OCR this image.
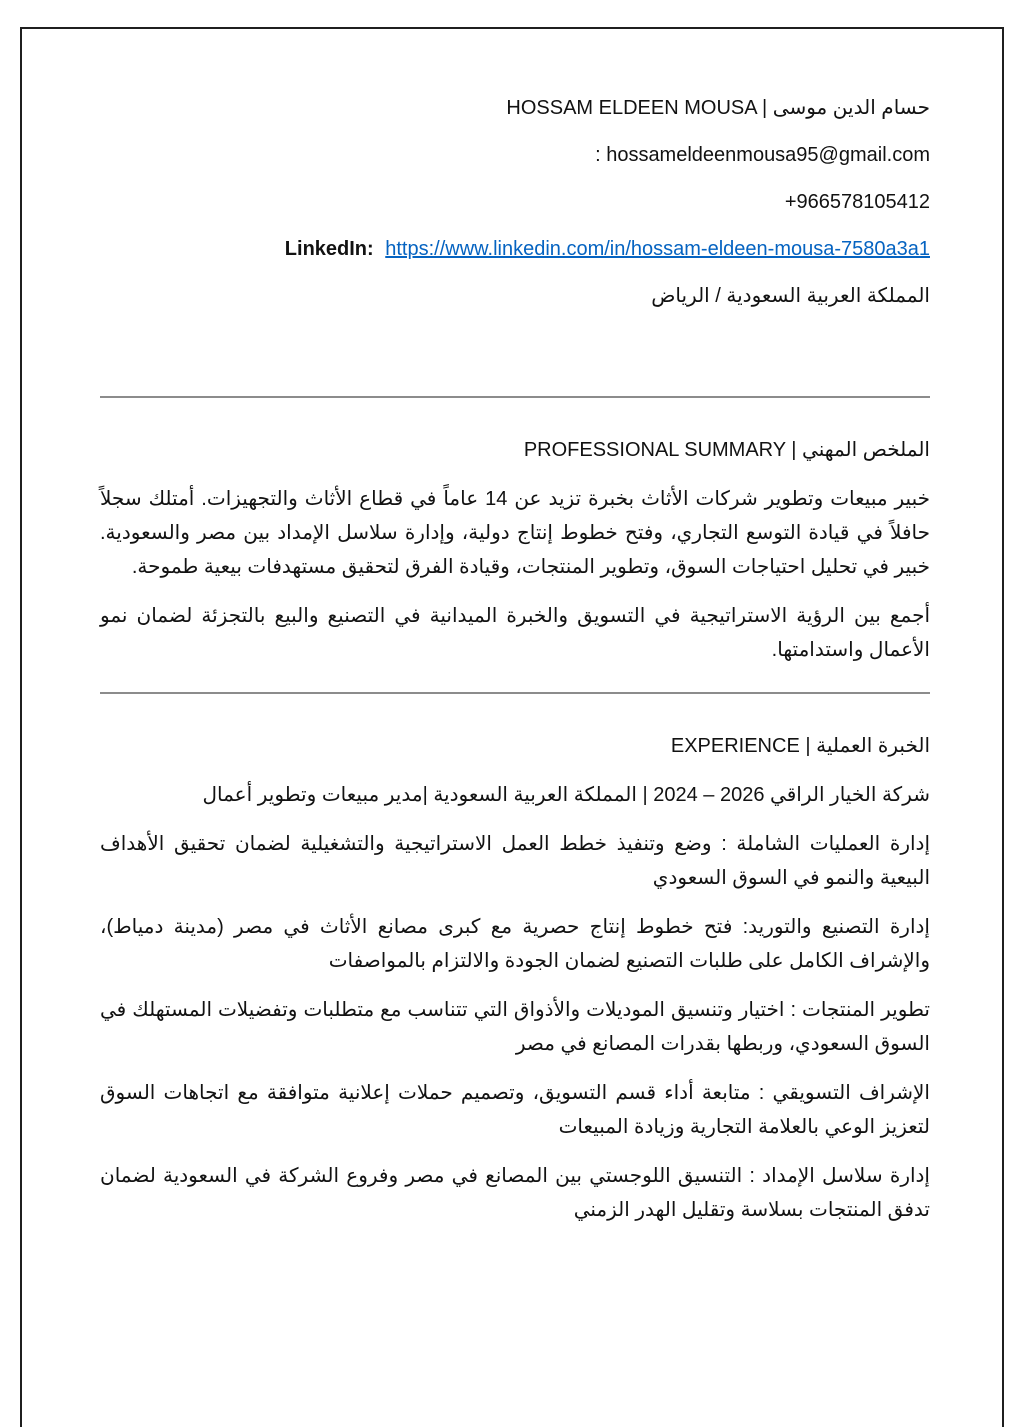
HOSSAM ELDEEN MOUSA | حسام الدين موسى

: hossameldeenmousa95@gmail.com

+966578105412

LinkedIn: https://www.linkedin.com/in/hossam-eldeen-mousa-7580a3a1

المملكة العربية السعودية / الرياض

PROFESSIONAL SUMMARY | الملخص المهني

خبير مبيعات وتطوير شركات الأثاث بخبرة تزيد عن 14 عاماً في قطاع الأثاث والتجهيزات. أمتلك سجلاً حافلاً في قيادة التوسع التجاري، وفتح خطوط إنتاج دولية، وإدارة سلاسل الإمداد بين مصر والسعودية. خبير في تحليل احتياجات السوق، وتطوير المنتجات، وقيادة الفرق لتحقيق مستهدفات بيعية طموحة.

أجمع بين الرؤية الاستراتيجية في التسويق والخبرة الميدانية في التصنيع والبيع بالتجزئة لضمان نمو الأعمال واستدامتها.

EXPERIENCE | الخبرة العملية

شركة الخيار الراقي ⁦2024 – 2026⁩ | المملكة العربية السعودية |مدير مبيعات وتطوير أعمال

إدارة العمليات الشاملة : وضع وتنفيذ خطط العمل الاستراتيجية والتشغيلية لضمان تحقيق الأهداف البيعية والنمو في السوق السعودي

إدارة التصنيع والتوريد: فتح خطوط إنتاج حصرية مع كبرى مصانع الأثاث في مصر (مدينة دمياط)، والإشراف الكامل على طلبات التصنيع لضمان الجودة والالتزام بالمواصفات

تطوير المنتجات : اختيار وتنسيق الموديلات والأذواق التي تتناسب مع متطلبات وتفضيلات المستهلك في السوق السعودي، وربطها بقدرات المصانع في مصر

الإشراف التسويقي : متابعة أداء قسم التسويق، وتصميم حملات إعلانية متوافقة مع اتجاهات السوق لتعزيز الوعي بالعلامة التجارية وزيادة المبيعات

إدارة سلاسل الإمداد : التنسيق اللوجستي بين المصانع في مصر وفروع الشركة في السعودية لضمان تدفق المنتجات بسلاسة وتقليل الهدر الزمني
